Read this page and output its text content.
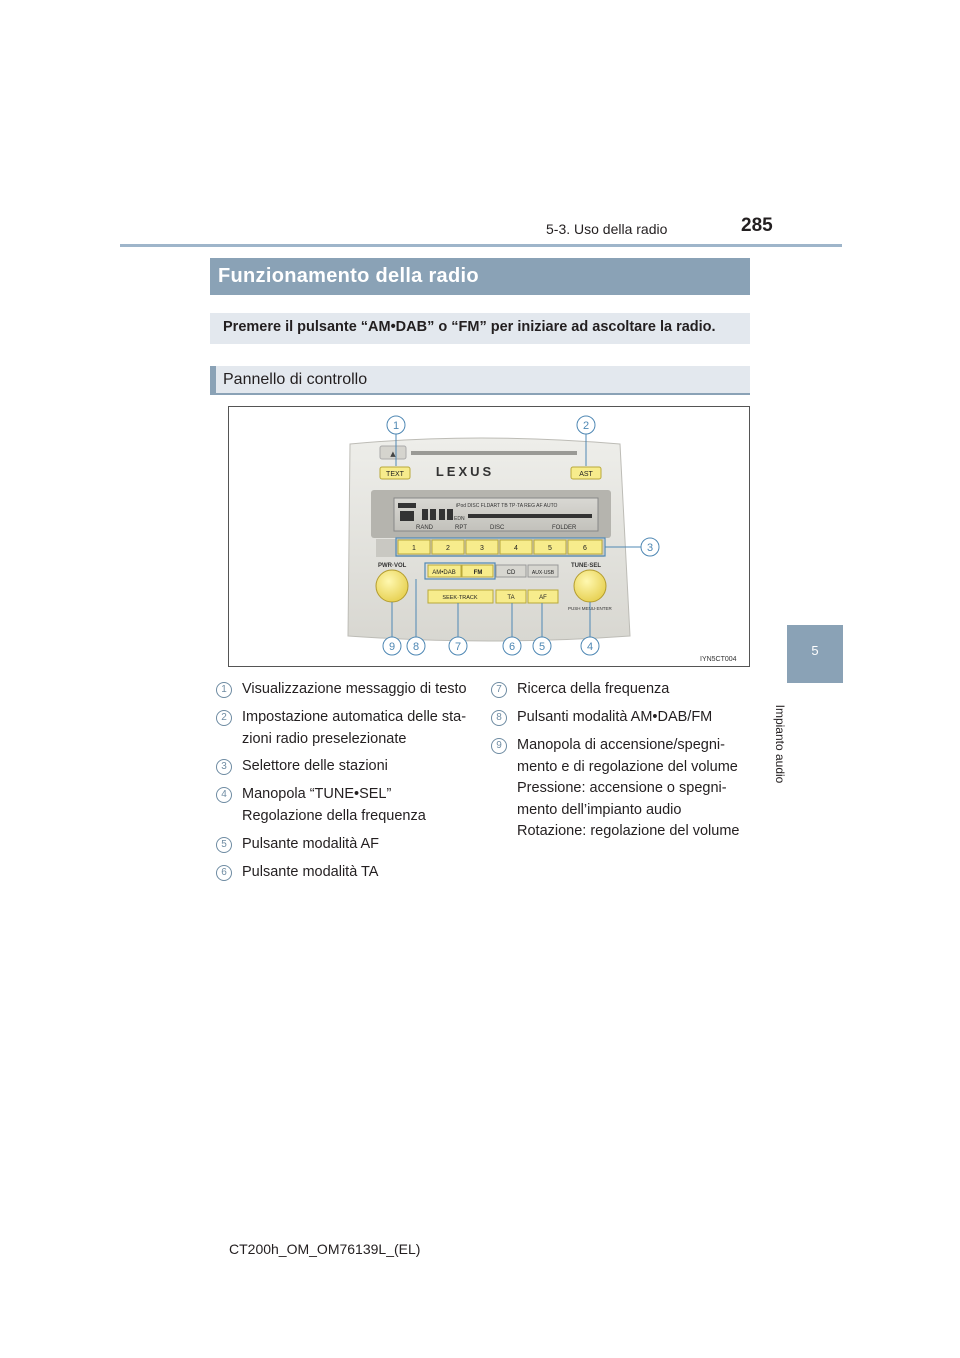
5-3. Uso della radio	285
5
Impianto audio
Funzionamento della radio
Premere il pulsante “AM•DAB” o “FM” per iniziare ad ascoltare la radio.
Pannello di controllo
▲
TEXT	AST
LEXUS
iPod DISC FLDART TB TP·TA REG AF AUTO
EDN
RAND	RPT	DISC	FOLDER
1	2	3	4	5	6
PWR·VOL	TUNE·SEL
AM•DAB	FM	CD	AUX·USB
SEEK·TRACK	TA	AF
PUSH MENU·ENTER
1	2
3
4
5
6
7
8
9
IYN5CT004
1	Visualizzazione messaggio di testo

2	Impostazione automatica delle sta-

zioni radio preselezionate

3	Selettore delle stazioni

4	Manopola “TUNE•SEL”

Regolazione della frequenza

5	Pulsante modalità AF

6	Pulsante modalità TA

7	Ricerca della frequenza

8	Pulsanti modalità AM•DAB/FM

9	Manopola di accensione/spegni-

mento e di regolazione del volume

Pressione: accensione o spegni-

mento dell’impianto audio

Rotazione: regolazione del volume

CT200h_OM_OM76139L_(EL)
